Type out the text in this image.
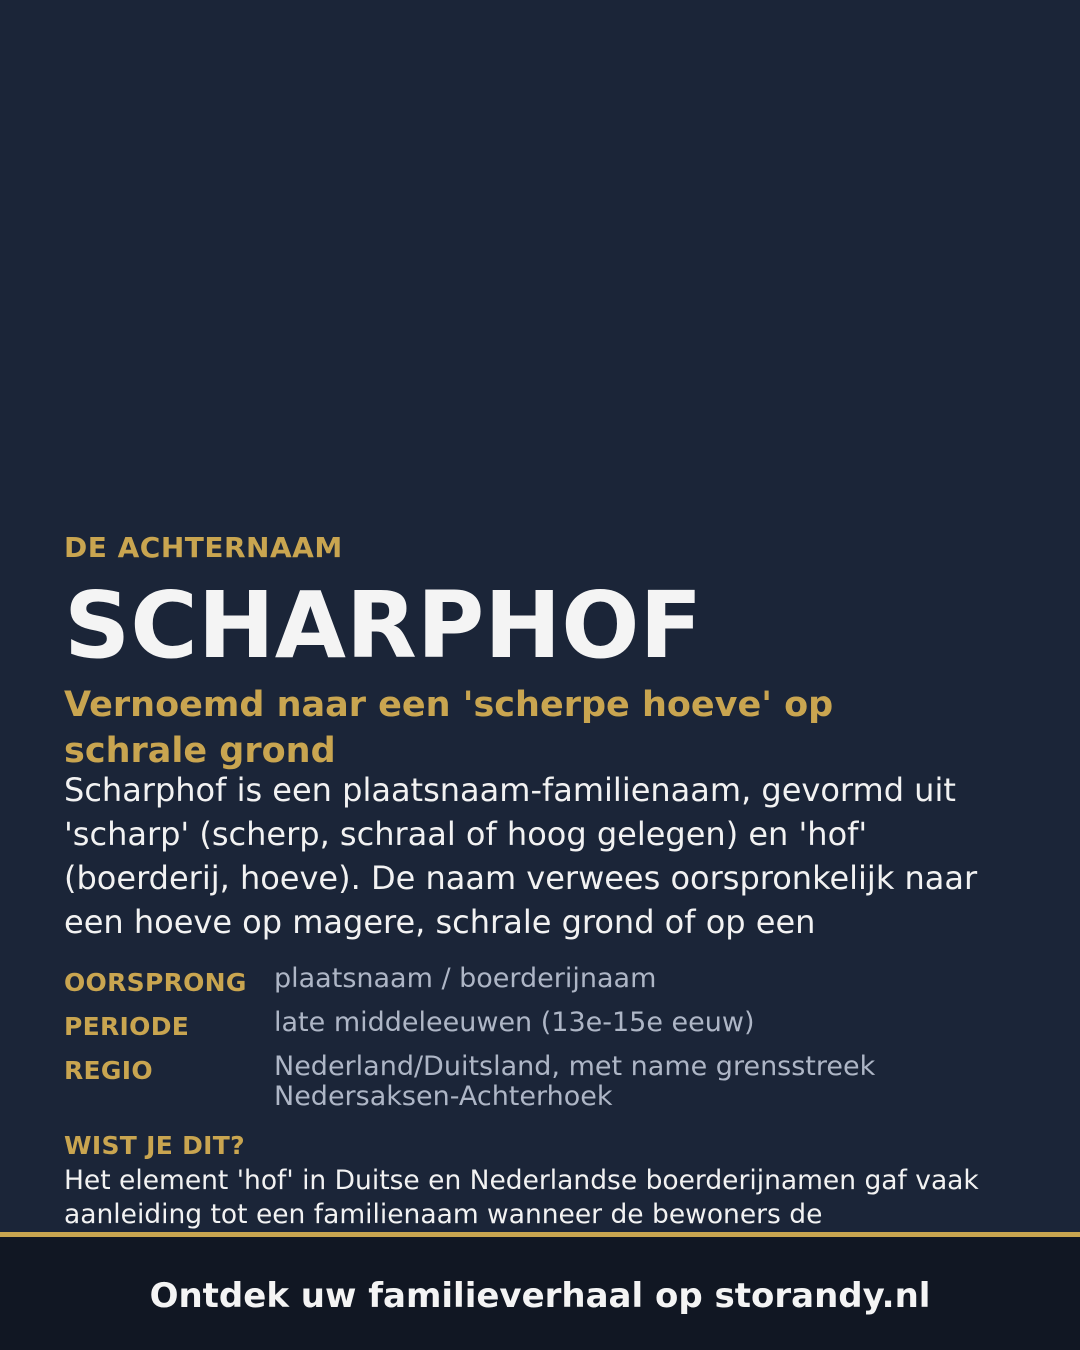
DE ACHTERNAAM
SCHARPHOF
Vernoemd naar een 'scherpe hoeve' op schrale grond

Scharphof is een plaatsnaam-familienaam, gevormd uit 'scharp' (scherp, schraal of hoog gelegen) en 'hof' (boerderij, hoeve). De naam verwees oorspronkelijk naar een hoeve op magere, schrale grond of op een

OORSPRONG plaatsnaam / boerderijnaam
PERIODE	late middeleeuwen (13e-15e eeuw)
REGIO	Nederland/Duitsland, met name grensstreek Nedersaksen-Achterhoek
WIST JE DIT?

Het element 'hof' in Duitse en Nederlandse boerderijnamen gaf vaak aanleiding tot een familienaam wanneer de bewoners de

Ontdek uw familieverhaal op storandy.nl
